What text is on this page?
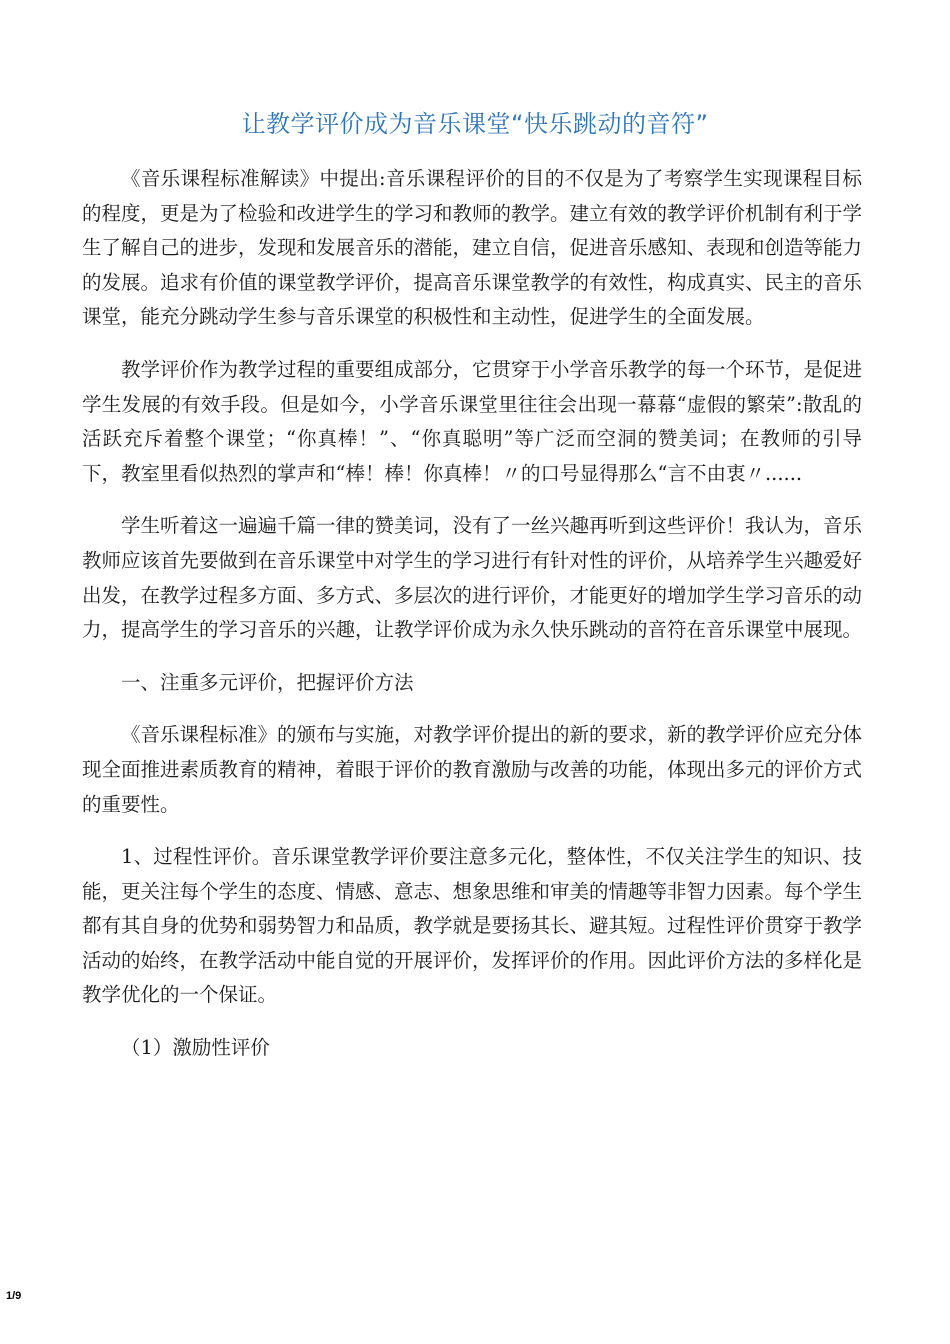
让教学评价成为音乐课堂“快乐跳动的音符”

《音乐课程标准解读》中提出:音乐课程评价的目的不仅是为了考察学生实现课程目标的程度，更是为了检验和改进学生的学习和教师的教学。建立有效的教学评价机制有利于学生了解自己的进步，发现和发展音乐的潜能，建立自信，促进音乐感知、表现和创造等能力的发展。追求有价值的课堂教学评价，提高音乐课堂教学的有效性，构成真实、民主的音乐课堂，能充分跳动学生参与音乐课堂的积极性和主动性，促进学生的全面发展。

教学评价作为教学过程的重要组成部分，它贯穿于小学音乐教学的每一个环节，是促进学生发展的有效手段。但是如今，小学音乐课堂里往往会出现一幕幕“虚假的繁荣”:散乱的活跃充斥着整个课堂；“你真棒！”、“你真聪明”等广泛而空洞的赞美词；在教师的引导下，教室里看似热烈的掌声和“棒！棒！你真棒！〃的口号显得那么“言不由衷〃......

学生听着这一遍遍千篇一律的赞美词，没有了一丝兴趣再听到这些评价！我认为，音乐教师应该首先要做到在音乐课堂中对学生的学习进行有针对性的评价，从培养学生兴趣爱好出发，在教学过程多方面、多方式、多层次的进行评价，才能更好的增加学生学习音乐的动力，提高学生的学习音乐的兴趣，让教学评价成为永久快乐跳动的音符在音乐课堂中展现。

一、注重多元评价，把握评价方法

《音乐课程标准》的颁布与实施，对教学评价提出的新的要求，新的教学评价应充分体现全面推进素质教育的精神，着眼于评价的教育激励与改善的功能，体现出多元的评价方式的重要性。

1、过程性评价。音乐课堂教学评价要注意多元化，整体性，不仅关注学生的知识、技能，更关注每个学生的态度、情感、意志、想象思维和审美的情趣等非智力因素。每个学生都有其自身的优势和弱势智力和品质，教学就是要扬其长、避其短。过程性评价贯穿于教学活动的始终，在教学活动中能自觉的开展评价，发挥评价的作用。因此评价方法的多样化是教学优化的一个保证。

（1）激励性评价

1/9
